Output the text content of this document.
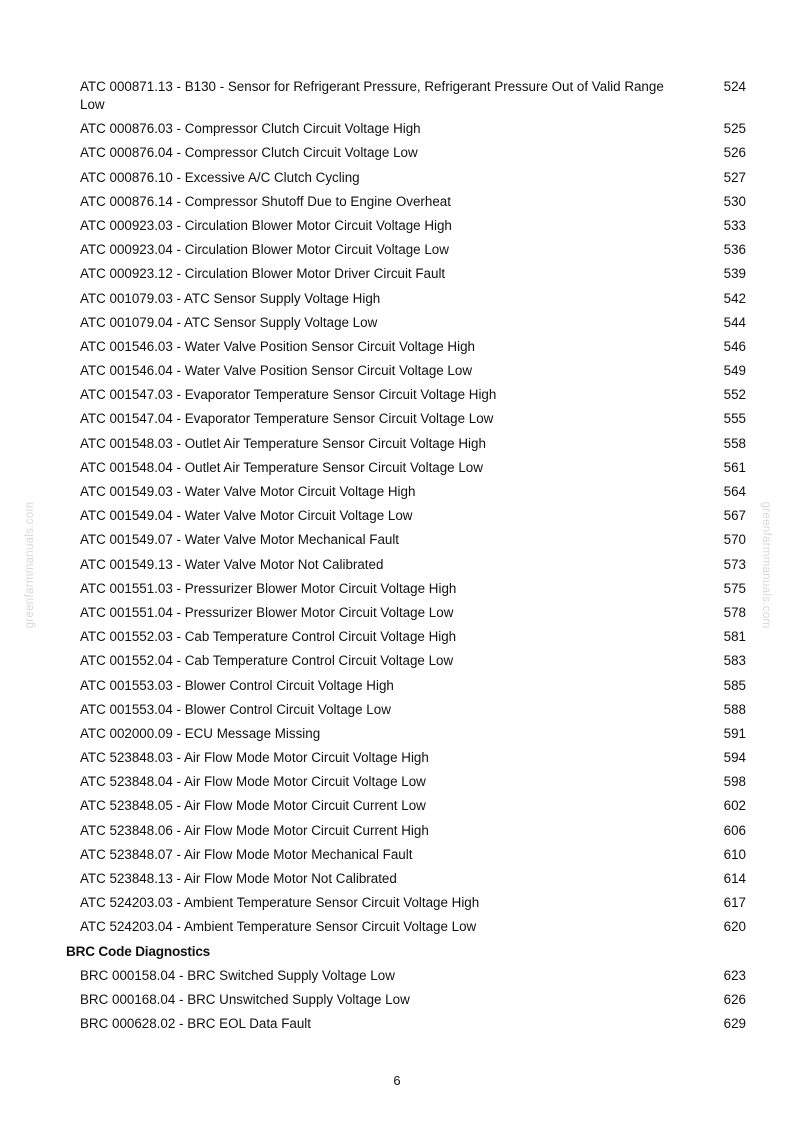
greenfarmmanuals.com	greenfarmmanuals.com
ATC 000871.13 - B130 - Sensor for Refrigerant Pressure, Refrigerant Pressure Out of Valid Range Low
524
ATC 000876.03 - Compressor Clutch Circuit Voltage High	525
ATC 000876.04 - Compressor Clutch Circuit Voltage Low	526
ATC 000876.10 - Excessive A/C Clutch Cycling	527
ATC 000876.14 - Compressor Shutoff Due to Engine Overheat	530
ATC 000923.03 - Circulation Blower Motor Circuit Voltage High	533
ATC 000923.04 - Circulation Blower Motor Circuit Voltage Low	536
ATC 000923.12 - Circulation Blower Motor Driver Circuit Fault	539
ATC 001079.03 - ATC Sensor Supply Voltage High	542
ATC 001079.04 - ATC Sensor Supply Voltage Low	544
ATC 001546.03 - Water Valve Position Sensor Circuit Voltage High	546
ATC 001546.04 - Water Valve Position Sensor Circuit Voltage Low	549
ATC 001547.03 - Evaporator Temperature Sensor Circuit Voltage High	552
ATC 001547.04 - Evaporator Temperature Sensor Circuit Voltage Low	555
ATC 001548.03 - Outlet Air Temperature Sensor Circuit Voltage High	558
ATC 001548.04 - Outlet Air Temperature Sensor Circuit Voltage Low	561
ATC 001549.03 - Water Valve Motor Circuit Voltage High	564
ATC 001549.04 - Water Valve Motor Circuit Voltage Low	567
ATC 001549.07 - Water Valve Motor Mechanical Fault	570
ATC 001549.13 - Water Valve Motor Not Calibrated	573
ATC 001551.03 - Pressurizer Blower Motor Circuit Voltage High	575
ATC 001551.04 - Pressurizer Blower Motor Circuit Voltage Low	578
ATC 001552.03 - Cab Temperature Control Circuit Voltage High	581
ATC 001552.04 - Cab Temperature Control Circuit Voltage Low	583
ATC 001553.03 - Blower Control Circuit Voltage High	585
ATC 001553.04 - Blower Control Circuit Voltage Low	588
ATC 002000.09 - ECU Message Missing	591
ATC 523848.03 - Air Flow Mode Motor Circuit Voltage High	594
ATC 523848.04 - Air Flow Mode Motor Circuit Voltage Low	598
ATC 523848.05 - Air Flow Mode Motor Circuit Current Low	602
ATC 523848.06 - Air Flow Mode Motor Circuit Current High	606
ATC 523848.07 - Air Flow Mode Motor Mechanical Fault	610
ATC 523848.13 - Air Flow Mode Motor Not Calibrated	614
ATC 524203.03 - Ambient Temperature Sensor Circuit Voltage High	617
ATC 524203.04 - Ambient Temperature Sensor Circuit Voltage Low	620
BRC Code Diagnostics
BRC 000158.04 - BRC Switched Supply Voltage Low	623
BRC 000168.04 - BRC Unswitched Supply Voltage Low	626
BRC 000628.02 - BRC EOL Data Fault	629
6
